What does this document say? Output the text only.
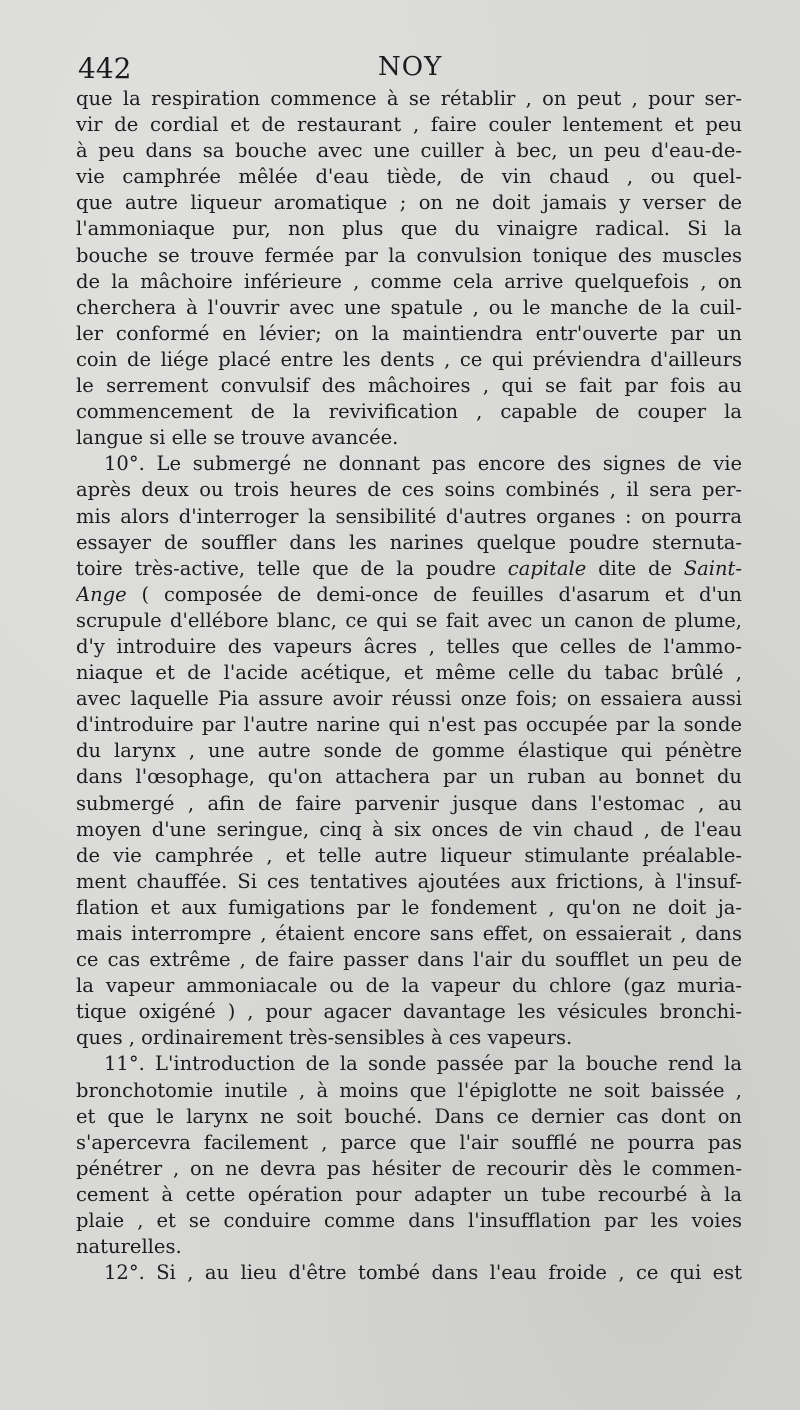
442	NOY
que la respiration commence à se rétablir , on peut , pour ser-
vir de cordial et de restaurant , faire couler lentement et peu
à peu dans sa bouche avec une cuiller à bec, un peu d'eau-de-
vie camphrée mêlée d'eau tiède, de vin chaud , ou quel-
que autre liqueur aromatique ; on ne doit jamais y verser de
l'ammoniaque pur, non plus que du vinaigre radical. Si la
bouche se trouve fermée par la convulsion tonique des muscles
de la mâchoire inférieure , comme cela arrive quelquefois , on
cherchera à l'ouvrir avec une spatule , ou le manche de la cuil-
ler conformé en lévier; on la maintiendra entr'ouverte par un
coin de liége placé entre les dents , ce qui préviendra d'ailleurs
le serrement convulsif des mâchoires , qui se fait par fois au
commencement de la revivification , capable de couper la
langue si elle se trouve avancée.
10°. Le submergé ne donnant pas encore des signes de vie
après deux ou trois heures de ces soins combinés , il sera per-
mis alors d'interroger la sensibilité d'autres organes : on pourra
essayer de souffler dans les narines quelque poudre sternuta-
toire très-active, telle que de la poudre capitale dite de Saint-
Ange ( composée de demi-once de feuilles d'asarum et d'un
scrupule d'ellébore blanc, ce qui se fait avec un canon de plume,
d'y introduire des vapeurs âcres , telles que celles de l'ammo-
niaque et de l'acide acétique, et même celle du tabac brûlé ,
avec laquelle Pia assure avoir réussi onze fois; on essaiera aussi
d'introduire par l'autre narine qui n'est pas occupée par la sonde
du larynx , une autre sonde de gomme élastique qui pénètre
dans l'œsophage, qu'on attachera par un ruban au bonnet du
submergé , afin de faire parvenir jusque dans l'estomac , au
moyen d'une seringue, cinq à six onces de vin chaud , de l'eau
de vie camphrée , et telle autre liqueur stimulante préalable-
ment chauffée. Si ces tentatives ajoutées aux frictions, à l'insuf-
flation et aux fumigations par le fondement , qu'on ne doit ja-
mais interrompre , étaient encore sans effet, on essaierait , dans
ce cas extrême , de faire passer dans l'air du soufflet un peu de
la vapeur ammoniacale ou de la vapeur du chlore (gaz muria-
tique oxigéné ) , pour agacer davantage les vésicules bronchi-
ques , ordinairement très-sensibles à ces vapeurs.
11°. L'introduction de la sonde passée par la bouche rend la
bronchotomie inutile , à moins que l'épiglotte ne soit baissée ,
et que le larynx ne soit bouché. Dans ce dernier cas dont on
s'apercevra facilement , parce que l'air soufflé ne pourra pas
pénétrer , on ne devra pas hésiter de recourir dès le commen-
cement à cette opération pour adapter un tube recourbé à la
plaie , et se conduire comme dans l'insufflation par les voies
naturelles.
12°. Si , au lieu d'être tombé dans l'eau froide , ce qui est
